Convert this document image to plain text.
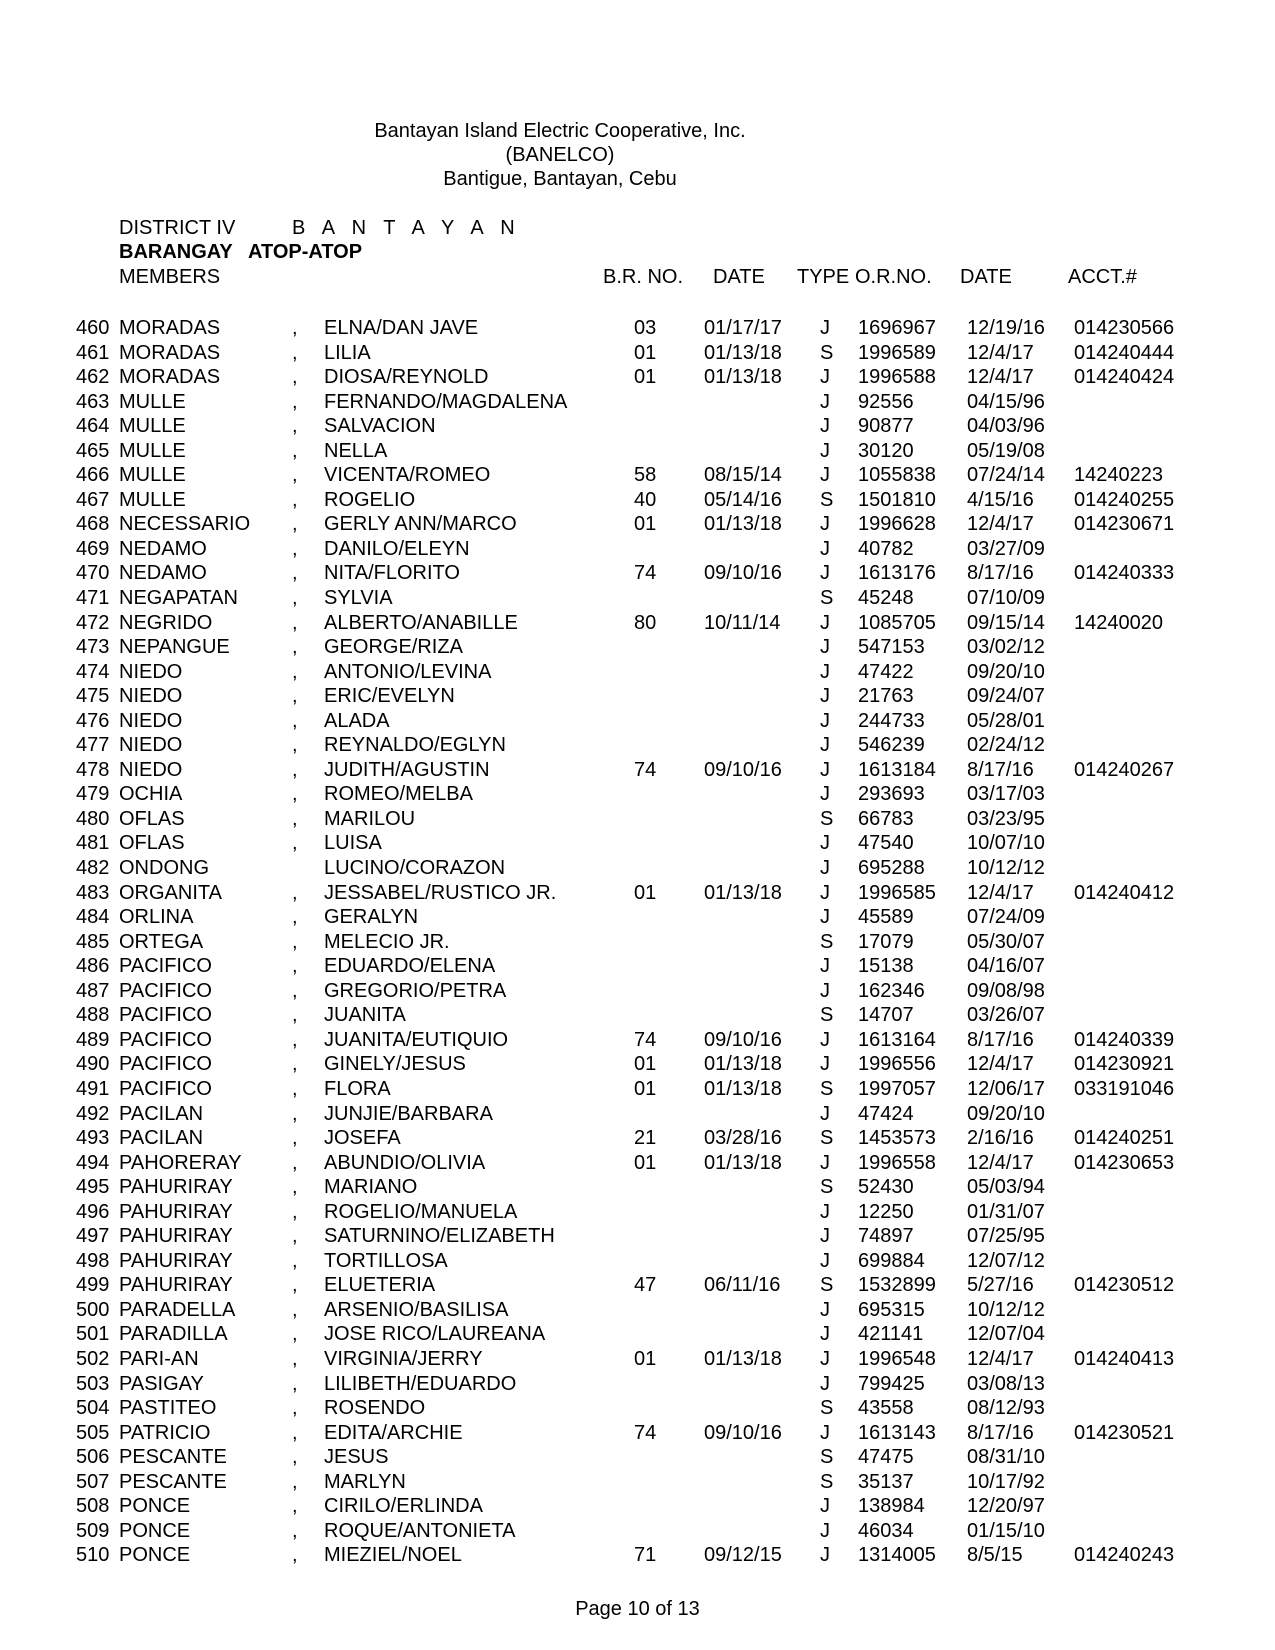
Bantayan Island Electric Cooperative, Inc.
(BANELCO)
Bantigue, Bantayan, Cebu
DISTRICT IV	B A N T A Y A N
BARANGAY ATOP-ATOP
MEMBERS	B.R. NO. DATE TYPE O.R.NO. DATE	ACCT.#
460 MORADAS	, ELNA/DAN JAVE	03 01/17/17 J 1696967 12/19/16 014230566
461 MORADAS	, LILIA	01 01/13/18 S 1996589 12/4/17 014240444
462 MORADAS	, DIOSA/REYNOLD	01 01/13/18 J 1996588 12/4/17 014240424
463 MULLE	, FERNANDO/MAGDALENA	J 92556	04/15/96
464 MULLE	, SALVACION	J 90877	04/03/96
465 MULLE	, NELLA	J 30120	05/19/08
466 MULLE	, VICENTA/ROMEO	58 08/15/14 J 1055838 07/24/14 14240223
467 MULLE	, ROGELIO	40 05/14/16 S 1501810 4/15/16 014240255
468 NECESSARIO , GERLY ANN/MARCO	01 01/13/18 J 1996628 12/4/17 014230671
469 NEDAMO	, DANILO/ELEYN	J 40782	03/27/09
470 NEDAMO	, NITA/FLORITO	74 09/10/16 J 1613176 8/17/16 014240333
471 NEGAPATAN	, SYLVIA	S 45248	07/10/09
472 NEGRIDO	, ALBERTO/ANABILLE	80 10/11/14 J 1085705 09/15/14 14240020
473 NEPANGUE	, GEORGE/RIZA	J 547153 03/02/12
474 NIEDO	, ANTONIO/LEVINA	J 47422	09/20/10
475 NIEDO	, ERIC/EVELYN	J 21763	09/24/07
476 NIEDO	, ALADA	J 244733 05/28/01
477 NIEDO	, REYNALDO/EGLYN	J 546239 02/24/12
478 NIEDO	, JUDITH/AGUSTIN	74 09/10/16 J 1613184 8/17/16 014240267
479 OCHIA	, ROMEO/MELBA	J 293693 03/17/03
480 OFLAS	, MARILOU	S 66783	03/23/95
481 OFLAS	, LUISA	J 47540	10/07/10
482 ONDONG	LUCINO/CORAZON	J 695288 10/12/12
483 ORGANITA	, JESSABEL/RUSTICO JR.	01 01/13/18 J 1996585 12/4/17 014240412
484 ORLINA	, GERALYN	J 45589	07/24/09
485 ORTEGA	, MELECIO JR.	S 17079	05/30/07
486 PACIFICO	, EDUARDO/ELENA	J 15138	04/16/07
487 PACIFICO	, GREGORIO/PETRA	J 162346 09/08/98
488 PACIFICO	, JUANITA	S 14707	03/26/07
489 PACIFICO	, JUANITA/EUTIQUIO	74 09/10/16 J 1613164 8/17/16 014240339
490 PACIFICO	, GINELY/JESUS	01 01/13/18 J 1996556 12/4/17 014230921
491 PACIFICO	, FLORA	01 01/13/18 S 1997057 12/06/17 033191046
492 PACILAN	, JUNJIE/BARBARA	J 47424	09/20/10
493 PACILAN	, JOSEFA	21 03/28/16 S 1453573 2/16/16 014240251
494 PAHORERAY	, ABUNDIO/OLIVIA	01 01/13/18 J 1996558 12/4/17 014230653
495 PAHURIRAY	, MARIANO	S 52430	05/03/94
496 PAHURIRAY	, ROGELIO/MANUELA	J 12250	01/31/07
497 PAHURIRAY	, SATURNINO/ELIZABETH	J 74897	07/25/95
498 PAHURIRAY	, TORTILLOSA	J 699884 12/07/12
499 PAHURIRAY	, ELUETERIA	47 06/11/16 S 1532899 5/27/16 014230512
500 PARADELLA	, ARSENIO/BASILISA	J 695315 10/12/12
501 PARADILLA	, JOSE RICO/LAUREANA	J 421141 12/07/04
502 PARI-AN	, VIRGINIA/JERRY	01 01/13/18 J 1996548 12/4/17 014240413
503 PASIGAY	, LILIBETH/EDUARDO	J 799425 03/08/13
504 PASTITEO	, ROSENDO	S 43558	08/12/93
505 PATRICIO	, EDITA/ARCHIE	74 09/10/16 J 1613143 8/17/16 014230521
506 PESCANTE	, JESUS	S 47475	08/31/10
507 PESCANTE	, MARLYN	S 35137	10/17/92
508 PONCE	, CIRILO/ERLINDA	J 138984 12/20/97
509 PONCE	, ROQUE/ANTONIETA	J 46034	01/15/10
510 PONCE	, MIEZIEL/NOEL	71 09/12/15 J 1314005 8/5/15	014240243
Page 10 of 13
